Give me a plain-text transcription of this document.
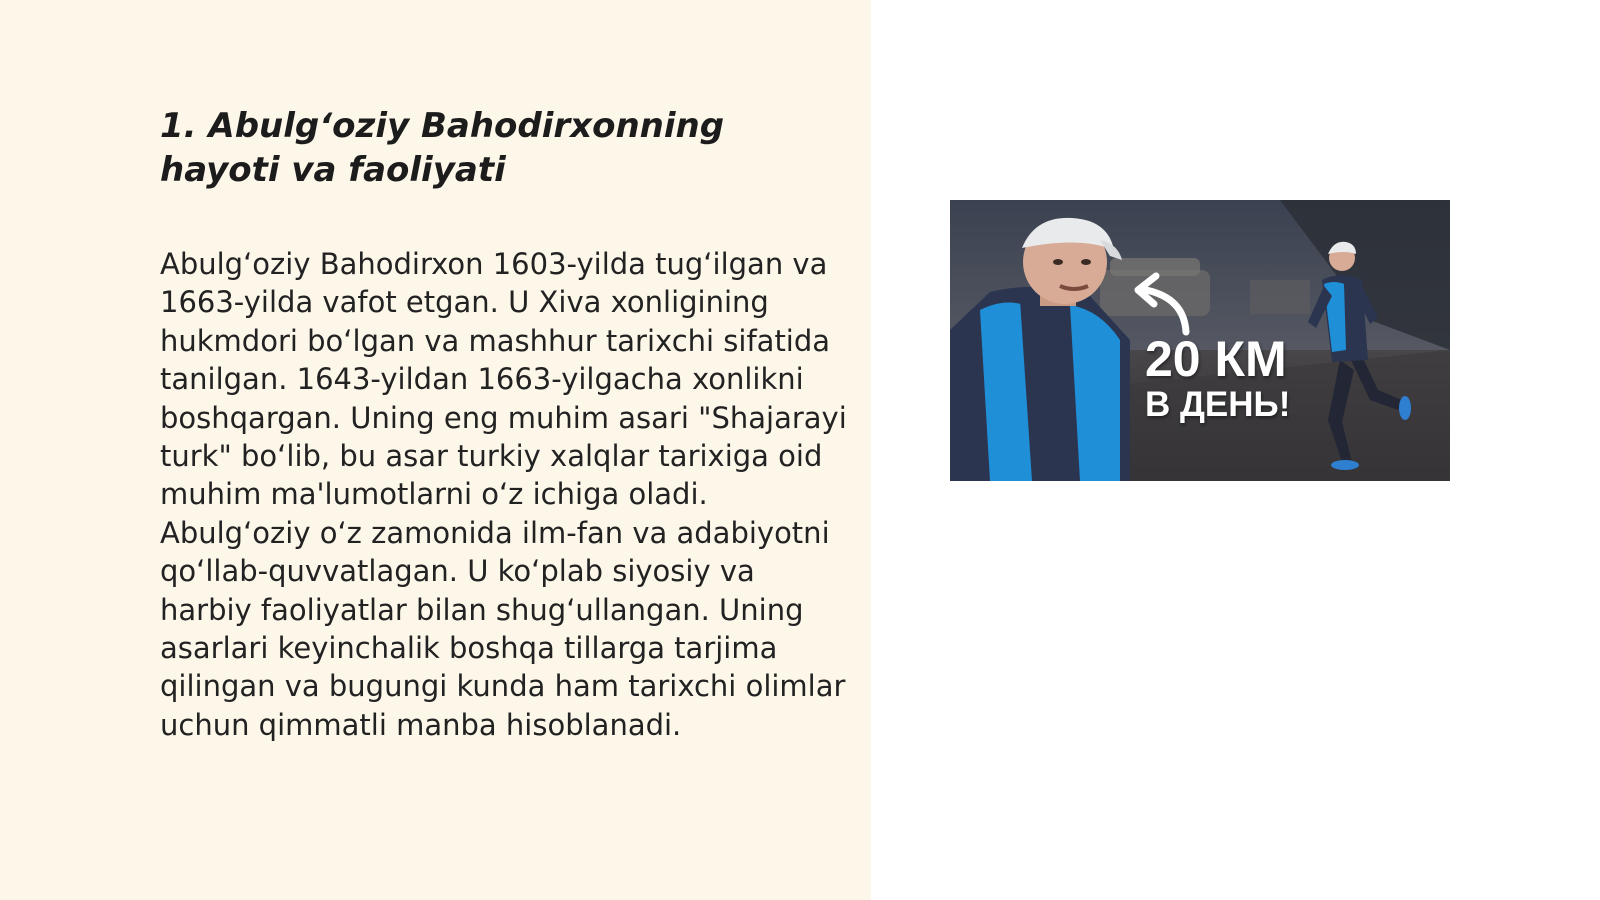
1. Abulg‘oziy Bahodirxonning hayoti va faoliyati

Abulg‘oziy Bahodirxon 1603-yilda tug‘ilgan va 1663-yilda vafot etgan. U Xiva xonligining hukmdori bo‘lgan va mashhur tarixchi sifatida tanilgan. 1643-yildan 1663-yilgacha xonlikni boshqargan. Uning eng muhim asari "Shajarayi turk" bo‘lib, bu asar turkiy xalqlar tarixiga oid muhim ma'lumotlarni o‘z ichiga oladi. Abulg‘oziy o‘z zamonida ilm-fan va adabiyotni qo‘llab-quvvatlagan. U ko‘plab siyosiy va harbiy faoliyatlar bilan shug‘ullangan. Uning asarlari keyinchalik boshqa tillarga tarjima qilingan va bugungi kunda ham tarixchi olimlar uchun qimmatli manba hisoblanadi.

20 КМ
В ДЕНЬ!
